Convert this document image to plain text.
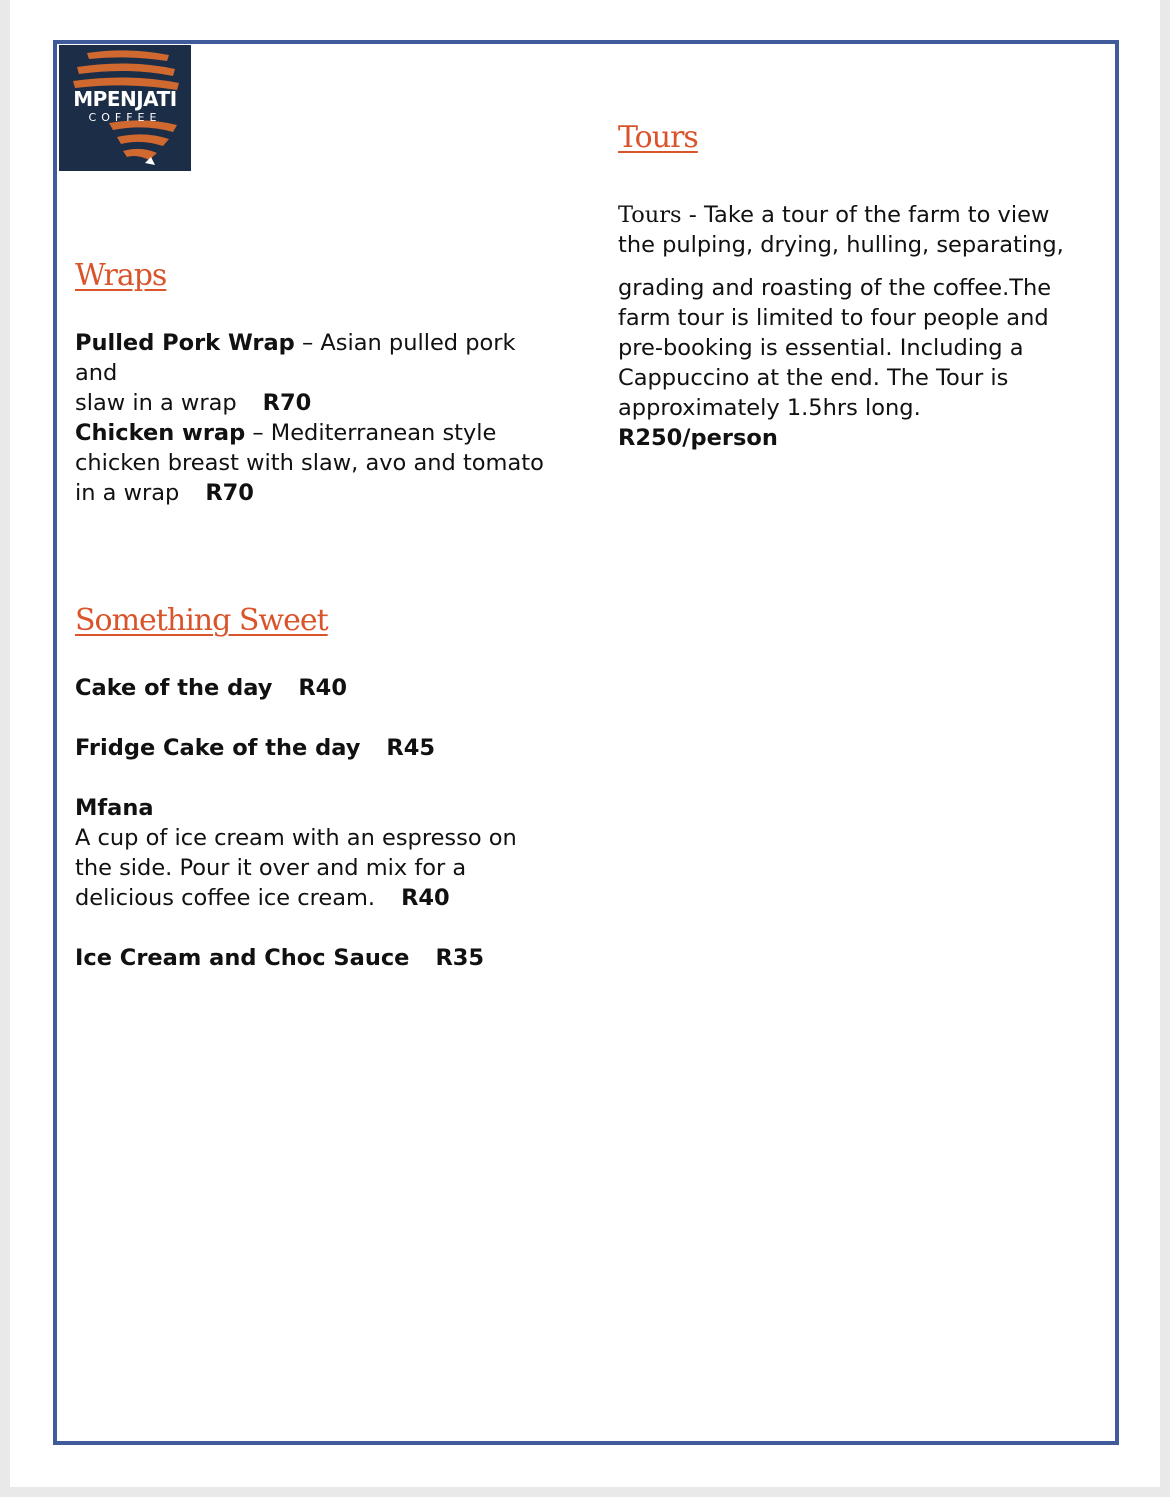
MPENJATI
COFFEE
Wraps
Pulled Pork Wrap – Asian pulled pork and
slaw in a wrap R70
Chicken wrap – Mediterranean style
chicken breast with slaw, avo and tomato
in a wrap R70
Something Sweet
Cake of the day R40
Fridge Cake of the day R45
Mfana
A cup of ice cream with an espresso on
the side. Pour it over and mix for a
delicious coffee ice cream. R40
Ice Cream and Choc Sauce R35
Tours
Tours - Take a tour of the farm to view
the pulping, drying, hulling, separating,
grading and roasting of the coffee.The
farm tour is limited to four people and
pre-booking is essential. Including a
Cappuccino at the end. The Tour is
approximately 1.5hrs long.
R250/person
